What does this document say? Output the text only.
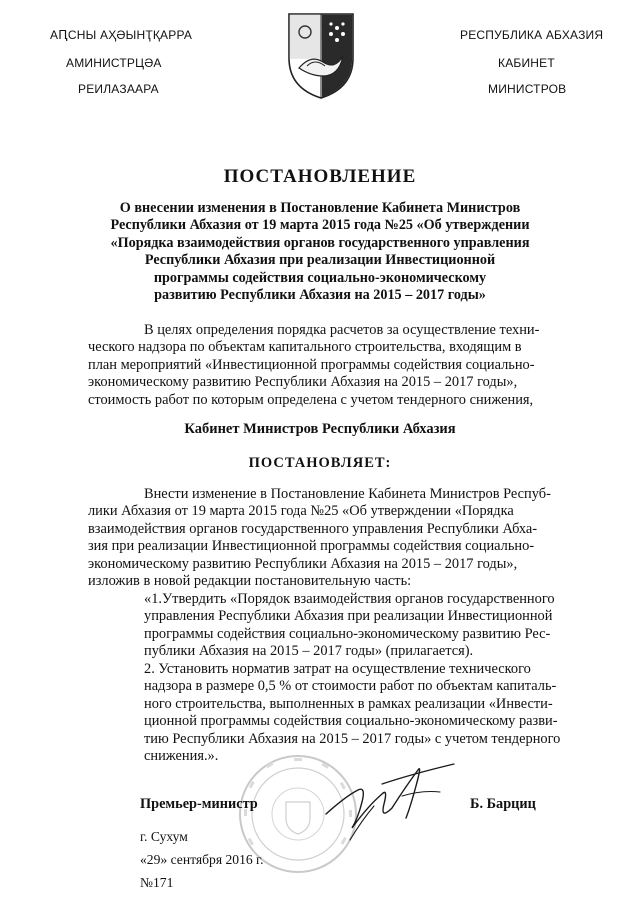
АԤСНЫ АҲӘЫНҬҚАРРА
АМИНИСТРЦӘА
РЕИЛАЗААРА
РЕСПУБЛИКА АБХАЗИЯ
КАБИНЕТ
МИНИСТРОВ
ПОСТАНОВЛЕНИЕ
О внесении изменения в Постановление Кабинета Министров
Республики Абхазия от 19 марта 2015 года №25 «Об утверждении
«Порядка взаимодействия органов государственного управления
Республики Абхазия при реализации Инвестиционной
программы содействия социально-экономическому
развитию Республики Абхазия на 2015 – 2017 годы»
В целях определения порядка расчетов за осуществление техни-
ческого надзора по объектам капитального строительства, входящим в
план мероприятий «Инвестиционной программы содействия социально-
экономическому развитию Республики Абхазия на 2015 – 2017 годы»,
стоимость работ по которым определена с учетом тендерного снижения,
Кабинет Министров Республики Абхазия
ПОСТАНОВЛЯЕТ:
Внести изменение в Постановление Кабинета Министров Респуб-
лики Абхазия от 19 марта 2015 года №25 «Об утверждении «Порядка
взаимодействия органов государственного управления Республики Абха-
зия при реализации Инвестиционной программы содействия социально-
экономическому развитию Республики Абхазия на 2015 – 2017 годы»,
изложив в новой редакции постановительную часть:
«1.Утвердить «Порядок взаимодействия органов государственного
управления Республики Абхазия при реализации Инвестиционной
программы содействия социально-экономическому развитию Рес-
публики Абхазия на 2015 – 2017 годы» (прилагается).
2. Установить норматив затрат на осуществление технического
надзора в размере 0,5 % от стоимости работ по объектам капиталь-
ного строительства, выполненных в рамках реализации «Инвести-
ционной программы содействия социально-экономическому разви-
тию Республики Абхазия на 2015 – 2017 годы» с учетом тендерного
снижения.».
Премьер-министр	Б. Барциц
г. Сухум
«29» сентября 2016 г.
№171
